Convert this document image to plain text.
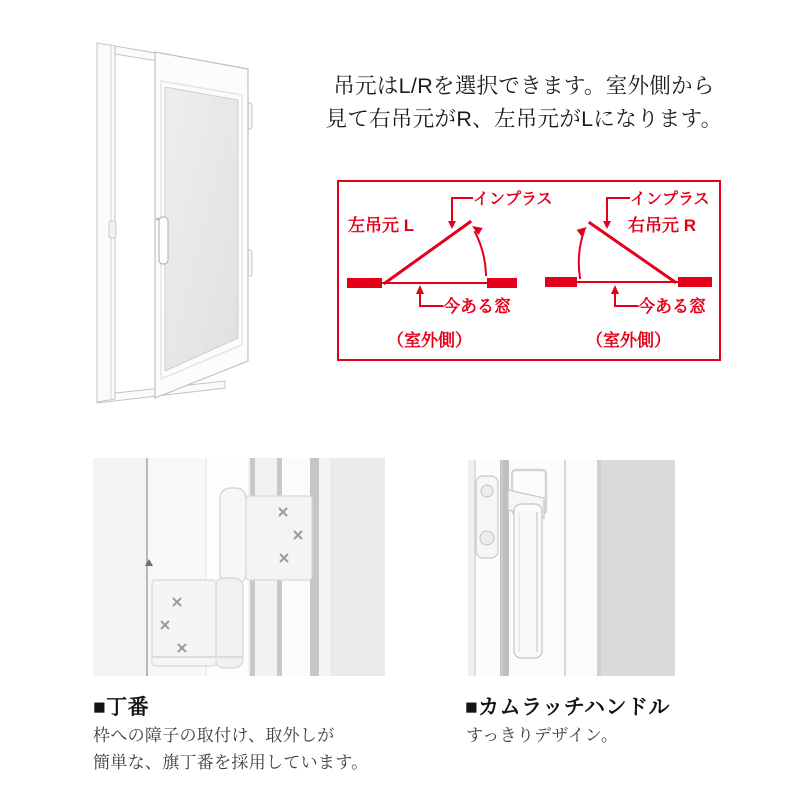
吊元はL/Rを選択できます。室外側から
見て右吊元がR、左吊元がLになります。
左吊元 L
インプラス
今ある窓
（室外側）
インプラス
右吊元 R
今ある窓
（室外側）
■丁番
枠への障子の取付け、取外しが
簡単な、旗丁番を採用しています。
■カムラッチハンドル
すっきりデザイン。
